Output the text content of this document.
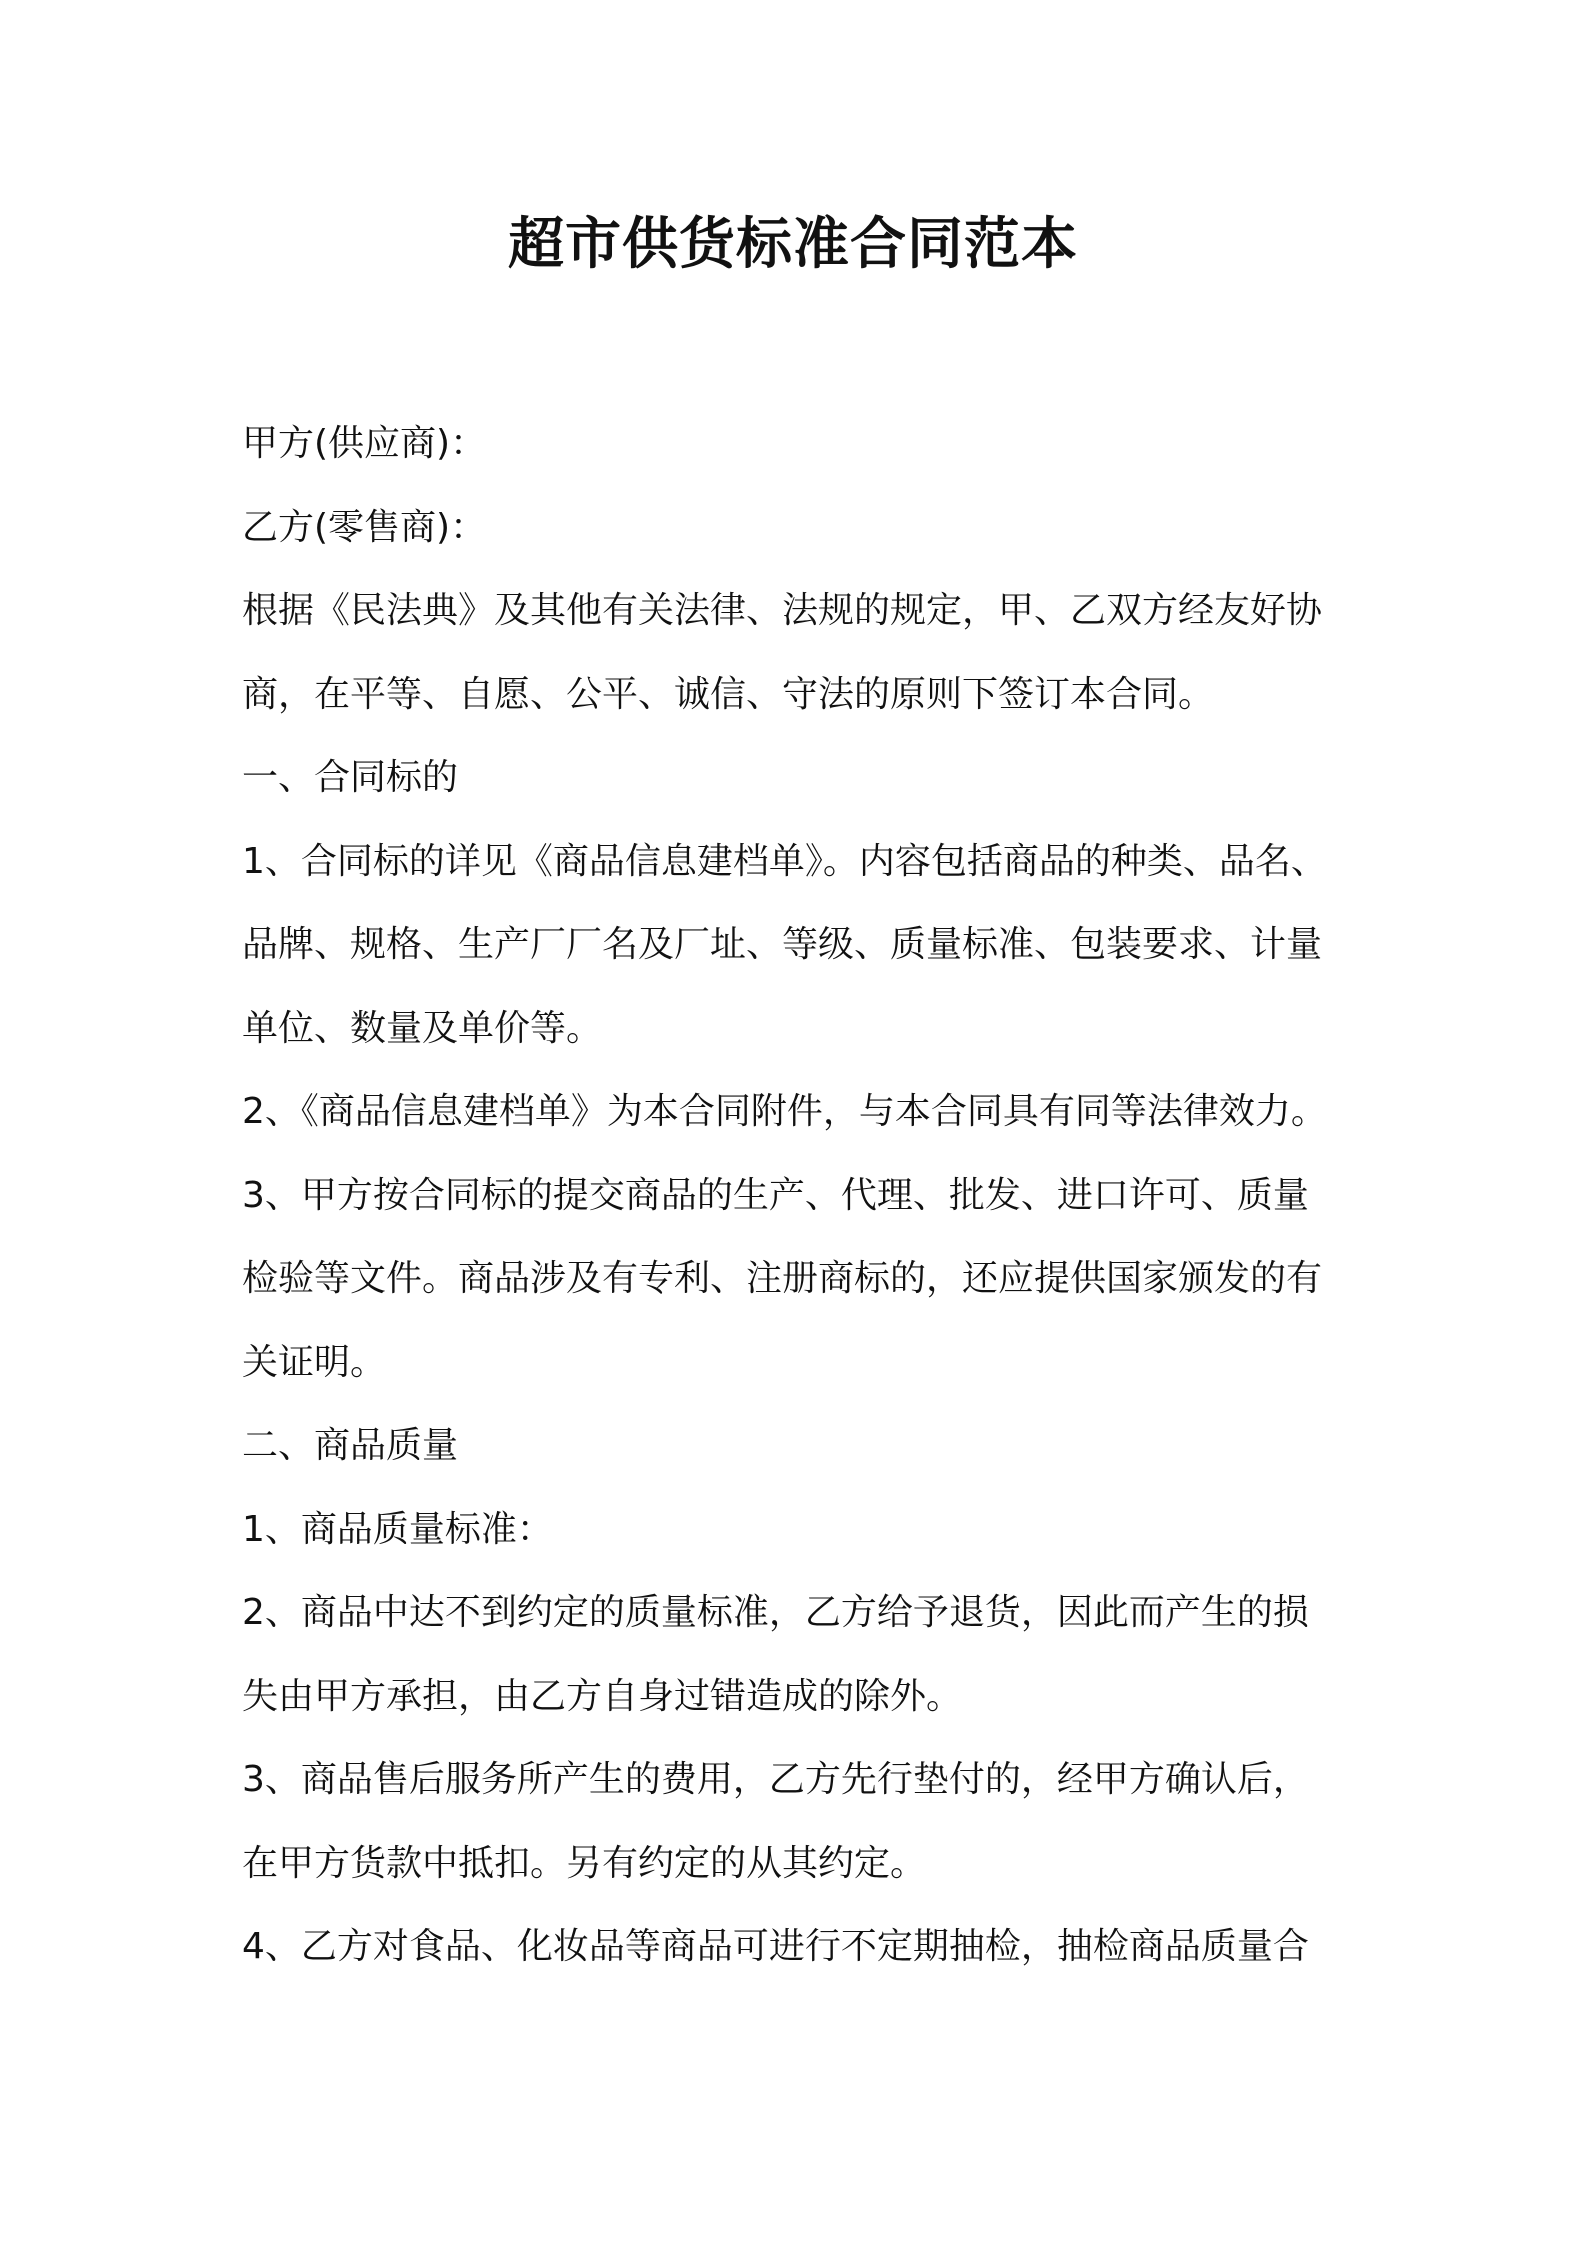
超市供货标准合同范本
甲方(供应商)：
乙方(零售商)：
根据《民法典》及其他有关法律、法规的规定，甲、乙双方经友好协
商，在平等、自愿、公平、诚信、守法的原则下签订本合同。
一、合同标的
1、合同标的详见《商品信息建档单》。内容包括商品的种类、品名、
品牌、规格、生产厂厂名及厂址、等级、质量标准、包装要求、计量
单位、数量及单价等。
2、《商品信息建档单》为本合同附件，与本合同具有同等法律效力。
3、甲方按合同标的提交商品的生产、代理、批发、进口许可、质量
检验等文件。商品涉及有专利、注册商标的，还应提供国家颁发的有
关证明。
二、商品质量
1、商品质量标准：
2、商品中达不到约定的质量标准，乙方给予退货，因此而产生的损
失由甲方承担，由乙方自身过错造成的除外。
3、商品售后服务所产生的费用，乙方先行垫付的，经甲方确认后，
在甲方货款中抵扣。另有约定的从其约定。
4、乙方对食品、化妆品等商品可进行不定期抽检，抽检商品质量合
